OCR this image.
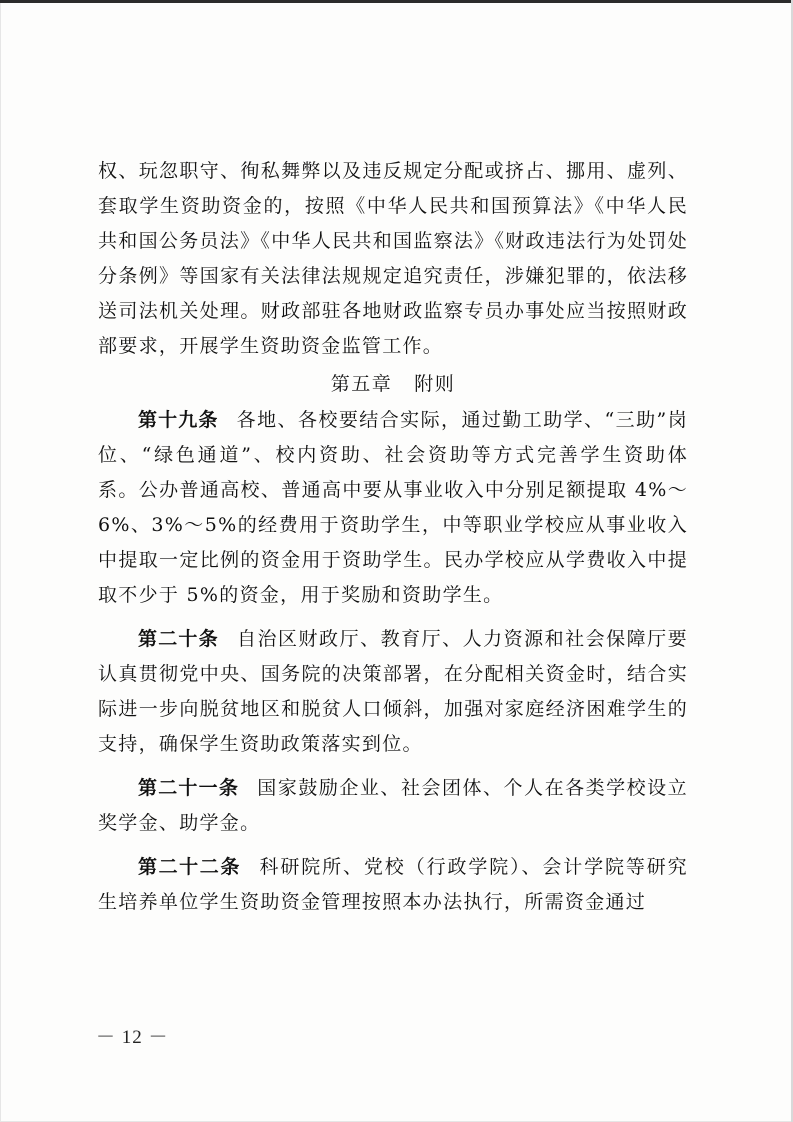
权、玩忽职守、徇私舞弊以及违反规定分配或挤占、挪用、虚列、套取学生资助资金的，按照《中华人民共和国预算法》《中华人民共和国公务员法》《中华人民共和国监察法》《财政违法行为处罚处分条例》等国家有关法律法规规定追究责任，涉嫌犯罪的，依法移送司法机关处理。财政部驻各地财政监察专员办事处应当按照财政部要求，开展学生资助资金监管工作。

第五章 附则

第十九条 各地、各校要结合实际，通过勤工助学、“三助”岗位、“绿色通道”、校内资助、社会资助等方式完善学生资助体系。公办普通高校、普通高中要从事业收入中分别足额提取 4%～6%、3%～5%的经费用于资助学生，中等职业学校应从事业收入中提取一定比例的资金用于资助学生。民办学校应从学费收入中提取不少于 5%的资金，用于奖励和资助学生。

第二十条 自治区财政厅、教育厅、人力资源和社会保障厅要认真贯彻党中央、国务院的决策部署，在分配相关资金时，结合实际进一步向脱贫地区和脱贫人口倾斜，加强对家庭经济困难学生的支持，确保学生资助政策落实到位。

第二十一条 国家鼓励企业、社会团体、个人在各类学校设立奖学金、助学金。

第二十二条 科研院所、党校（行政学院）、会计学院等研究生培养单位学生资助资金管理按照本办法执行，所需资金通过

－ 12 －
